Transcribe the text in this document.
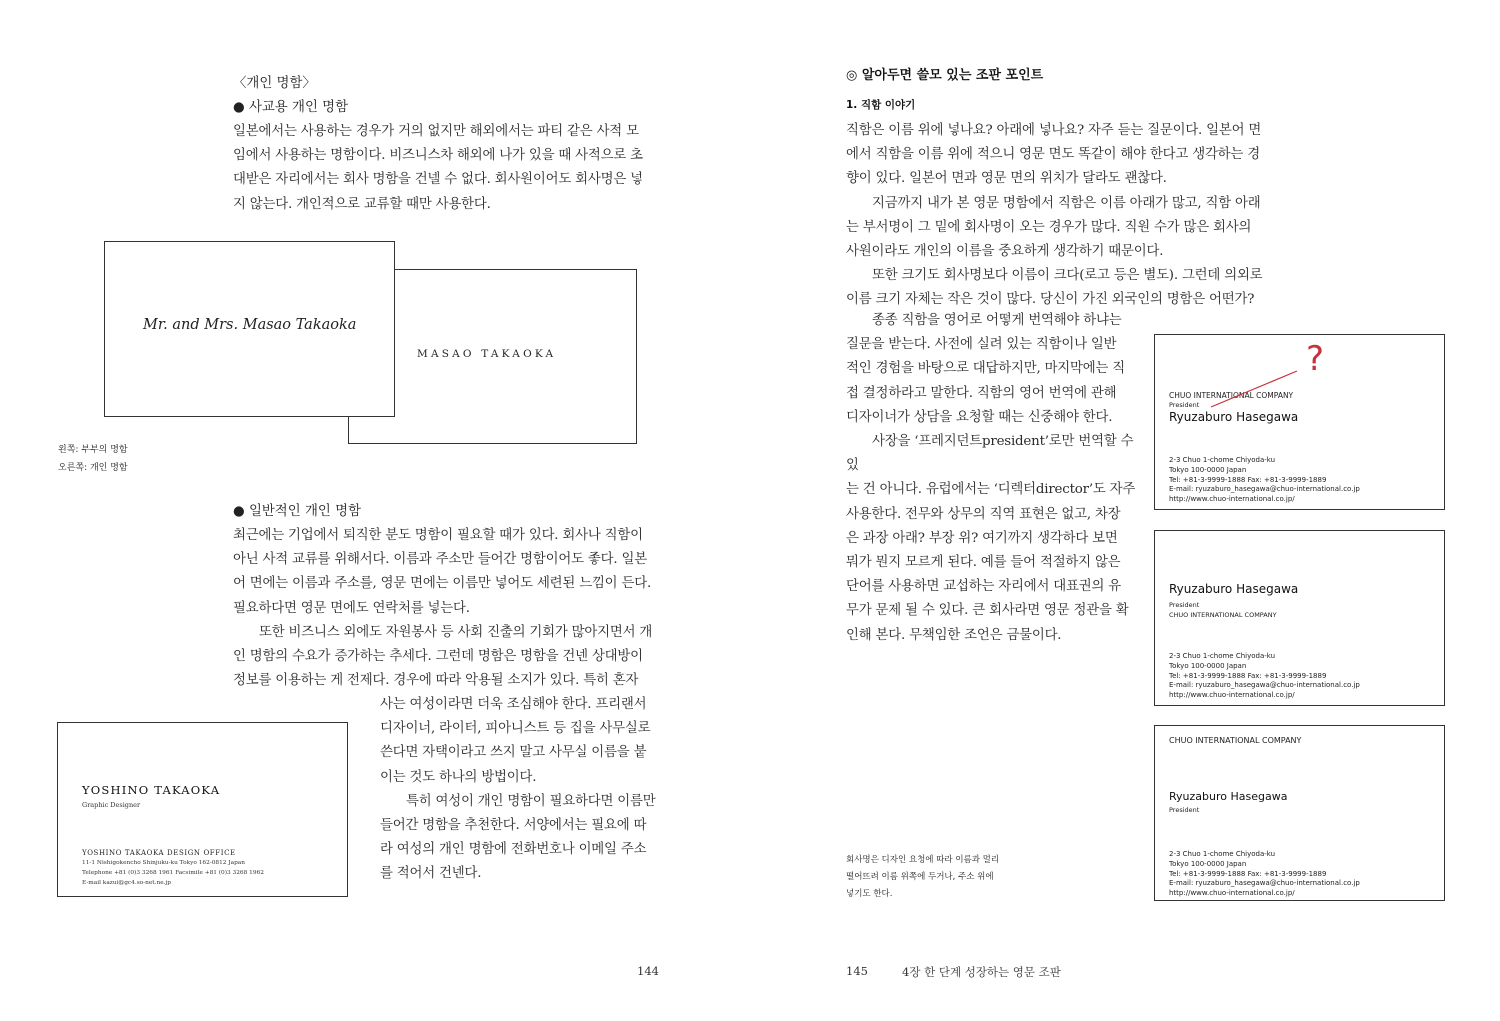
〈개인 명함〉
● 사교용 개인 명함

일본에서는 사용하는 경우가 거의 없지만 해외에서는 파티 같은 사적 모

임에서 사용하는 명함이다. 비즈니스차 해외에 나가 있을 때 사적으로 초

대받은 자리에서는 회사 명함을 건넬 수 없다. 회사원이어도 회사명은 넣

지 않는다. 개인적으로 교류할 때만 사용한다.

MASAO TAKAOKA
Mr. and Mrs. Masao Takaoka
왼쪽: 부부의 명함
오른쪽: 개인 명함
● 일반적인 개인 명함

최근에는 기업에서 퇴직한 분도 명함이 필요할 때가 있다. 회사나 직함이

아닌 사적 교류를 위해서다. 이름과 주소만 들어간 명함이어도 좋다. 일본

어 면에는 이름과 주소를, 영문 면에는 이름만 넣어도 세련된 느낌이 든다.

필요하다면 영문 면에도 연락처를 넣는다.

또한 비즈니스 외에도 자원봉사 등 사회 진출의 기회가 많아지면서 개

인 명함의 수요가 증가하는 추세다. 그런데 명함은 명함을 건넨 상대방이

정보를 이용하는 게 전제다. 경우에 따라 악용될 소지가 있다. 특히 혼자

사는 여성이라면 더욱 조심해야 한다. 프리랜서

디자이너, 라이터, 피아니스트 등 집을 사무실로

쓴다면 자택이라고 쓰지 말고 사무실 이름을 붙

이는 것도 하나의 방법이다.

특히 여성이 개인 명함이 필요하다면 이름만

들어간 명함을 추천한다. 서양에서는 필요에 따

라 여성의 개인 명함에 전화번호나 이메일 주소

를 적어서 건넨다.

YOSHINO TAKAOKA
Graphic Designer
YOSHINO TAKAOKA DESIGN OFFICE
11-1 Nishigokencho Shinjuku-ku Tokyo 162-0812 Japan
Telephone +81 (0)3 3268 1961 Facsimile +81 (0)3 3268 1962
E-mail kazui@gc4.so-net.ne.jp
144
◎ 알아두면 쓸모 있는 조판 포인트
1. 직함 이야기

직함은 이름 위에 넣나요? 아래에 넣나요? 자주 듣는 질문이다. 일본어 면

에서 직함을 이름 위에 적으니 영문 면도 똑같이 해야 한다고 생각하는 경

향이 있다. 일본어 면과 영문 면의 위치가 달라도 괜찮다.

지금까지 내가 본 영문 명함에서 직함은 이름 아래가 많고, 직함 아래

는 부서명이 그 밑에 회사명이 오는 경우가 많다. 직원 수가 많은 회사의

사원이라도 개인의 이름을 중요하게 생각하기 때문이다.

또한 크기도 회사명보다 이름이 크다(로고 등은 별도). 그런데 의외로

이름 크기 자체는 작은 것이 많다. 당신이 가진 외국인의 명함은 어떤가?

종종 직함을 영어로 어떻게 번역해야 하냐는

질문을 받는다. 사전에 실려 있는 직함이나 일반

적인 경험을 바탕으로 대답하지만, 마지막에는 직

접 결정하라고 말한다. 직함의 영어 번역에 관해

디자이너가 상담을 요청할 때는 신중해야 한다.

사장을 ‘프레지던트president’로만 번역할 수 있

는 건 아니다. 유럽에서는 ‘디렉터director’도 자주

사용한다. 전무와 상무의 직역 표현은 없고, 차장

은 과장 아래? 부장 위? 여기까지 생각하다 보면

뭐가 뭔지 모르게 된다. 예를 들어 적절하지 않은

단어를 사용하면 교섭하는 자리에서 대표권의 유

무가 문제 될 수 있다. 큰 회사라면 영문 정관을 확

인해 본다. 무책임한 조언은 금물이다.

회사명은 디자인 요청에 따라 이름과 멀리
떨어뜨려 이름 위쪽에 두거나, 주소 위에
넣기도 한다.
CHUO INTERNATIONAL COMPANY
President
Ryuzaburo Hasegawa
2-3 Chuo 1-chome Chiyoda-ku
Tokyo 100-0000 Japan
Tel: +81-3-9999-1888 Fax: +81-3-9999-1889
E-mail: ryuzaburo_hasegawa@chuo-international.co.jp
http://www.chuo-international.co.jp/
?
Ryuzaburo Hasegawa
President
CHUO INTERNATIONAL COMPANY
2-3 Chuo 1-chome Chiyoda-ku
Tokyo 100-0000 Japan
Tel: +81-3-9999-1888 Fax: +81-3-9999-1889
E-mail: ryuzaburo_hasegawa@chuo-international.co.jp
http://www.chuo-international.co.jp/
CHUO INTERNATIONAL COMPANY
Ryuzaburo Hasegawa
President
2-3 Chuo 1-chome Chiyoda-ku
Tokyo 100-0000 Japan
Tel: +81-3-9999-1888 Fax: +81-3-9999-1889
E-mail: ryuzaburo_hasegawa@chuo-international.co.jp
http://www.chuo-international.co.jp/
145	4장 한 단계 성장하는 영문 조판
